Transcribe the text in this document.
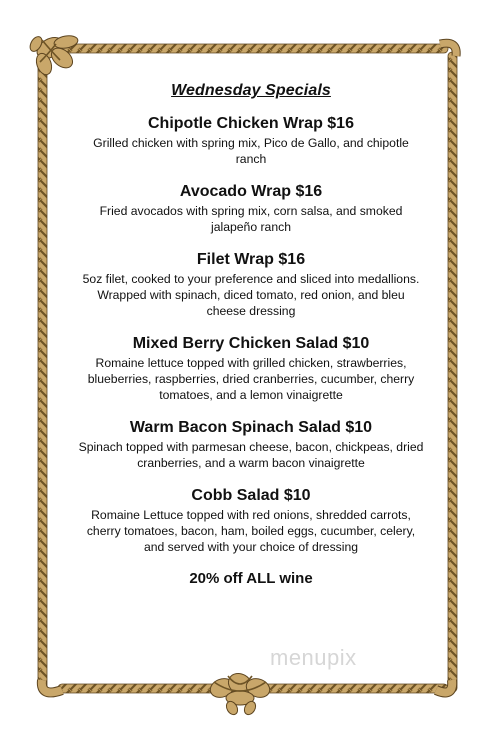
Wednesday Specials
Chipotle Chicken Wrap $16
Grilled chicken with spring mix, Pico de Gallo, and chipotle ranch
Avocado Wrap $16
Fried avocados with spring mix, corn salsa, and smoked jalapeño ranch
Filet Wrap $16
5oz filet, cooked to your preference and sliced into medallions. Wrapped with spinach, diced tomato, red onion, and bleu cheese dressing
Mixed Berry Chicken Salad $10
Romaine lettuce topped with grilled chicken, strawberries, blueberries, raspberries, dried cranberries, cucumber, cherry tomatoes, and a lemon vinaigrette
Warm Bacon Spinach Salad $10
Spinach topped with parmesan cheese, bacon, chickpeas, dried cranberries, and a warm bacon vinaigrette
Cobb Salad $10
Romaine Lettuce topped with red onions, shredded carrots, cherry tomatoes, bacon, ham, boiled eggs, cucumber, celery, and served with your choice of dressing
20% off ALL wine
menupix
